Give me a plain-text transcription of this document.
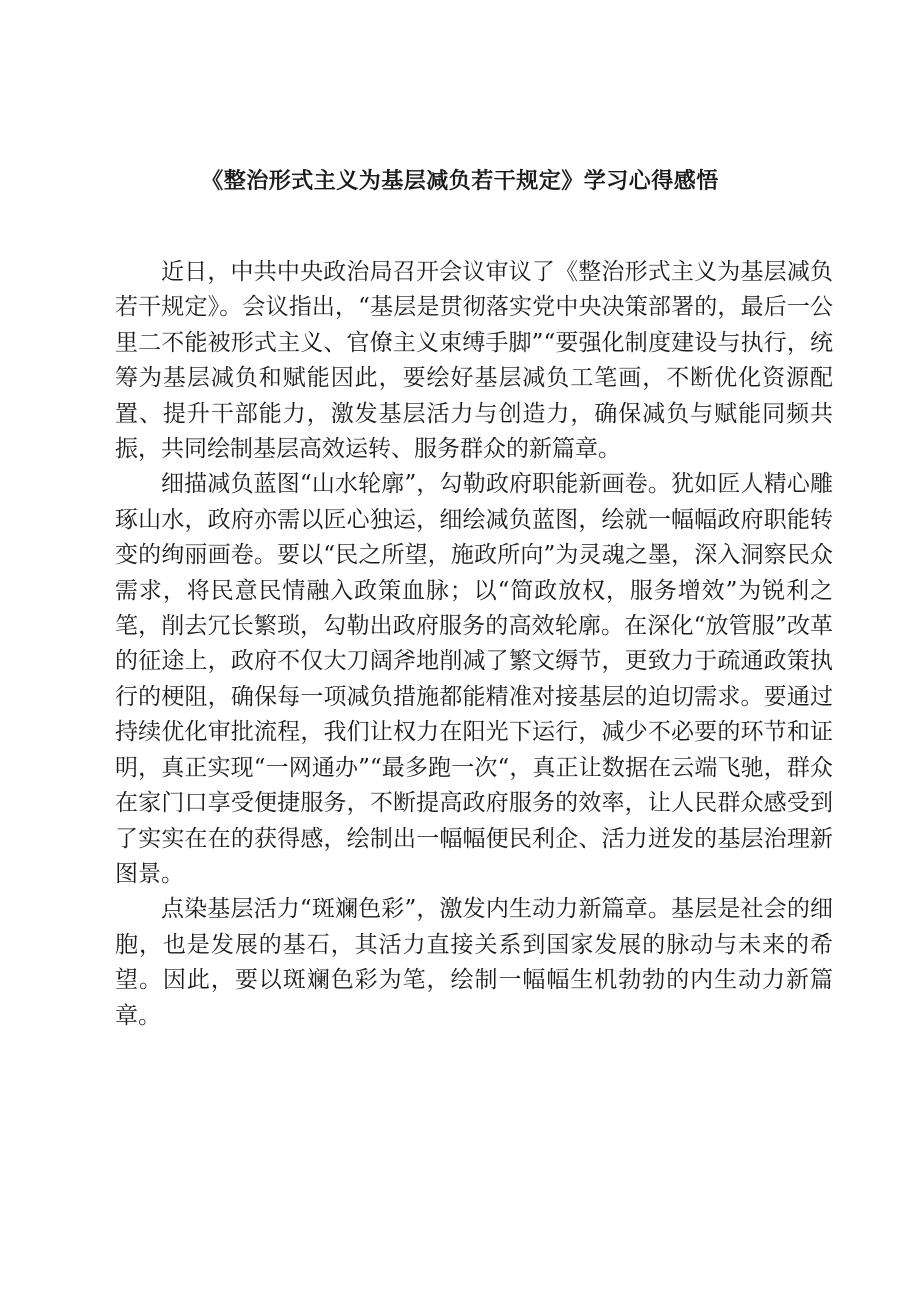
《整治形式主义为基层减负若干规定》学习心得感悟

近日，中共中央政治局召开会议审议了《整治形式主义为基层减负若干规定》。会议指出，“基层是贯彻落实党中央决策部署的，最后一公里二不能被形式主义、官僚主义束缚手脚”“要强化制度建设与执行，统筹为基层减负和赋能因此，要绘好基层减负工笔画，不断优化资源配置、提升干部能力，激发基层活力与创造力，确保减负与赋能同频共振，共同绘制基层高效运转、服务群众的新篇章。

细描减负蓝图“山水轮廓”，勾勒政府职能新画卷。犹如匠人精心雕琢山水，政府亦需以匠心独运，细绘减负蓝图，绘就一幅幅政府职能转变的绚丽画卷。要以“民之所望，施政所向”为灵魂之墨，深入洞察民众需求，将民意民情融入政策血脉；以“简政放权，服务增效”为锐利之笔，削去冗长繁琐，勾勒出政府服务的高效轮廓。在深化“放管服”改革的征途上，政府不仅大刀阔斧地削减了繁文缛节，更致力于疏通政策执行的梗阻，确保每一项减负措施都能精准对接基层的迫切需求。要通过持续优化审批流程，我们让权力在阳光下运行，减少不必要的环节和证明，真正实现“一网通办”“最多跑一次“，真正让数据在云端飞驰，群众在家门口享受便捷服务，不断提高政府服务的效率，让人民群众感受到了实实在在的获得感，绘制出一幅幅便民利企、活力迸发的基层治理新图景。

点染基层活力“斑斓色彩”，激发内生动力新篇章。基层是社会的细胞，也是发展的基石，其活力直接关系到国家发展的脉动与未来的希望。因此，要以斑斓色彩为笔，绘制一幅幅生机勃勃的内生动力新篇章。
